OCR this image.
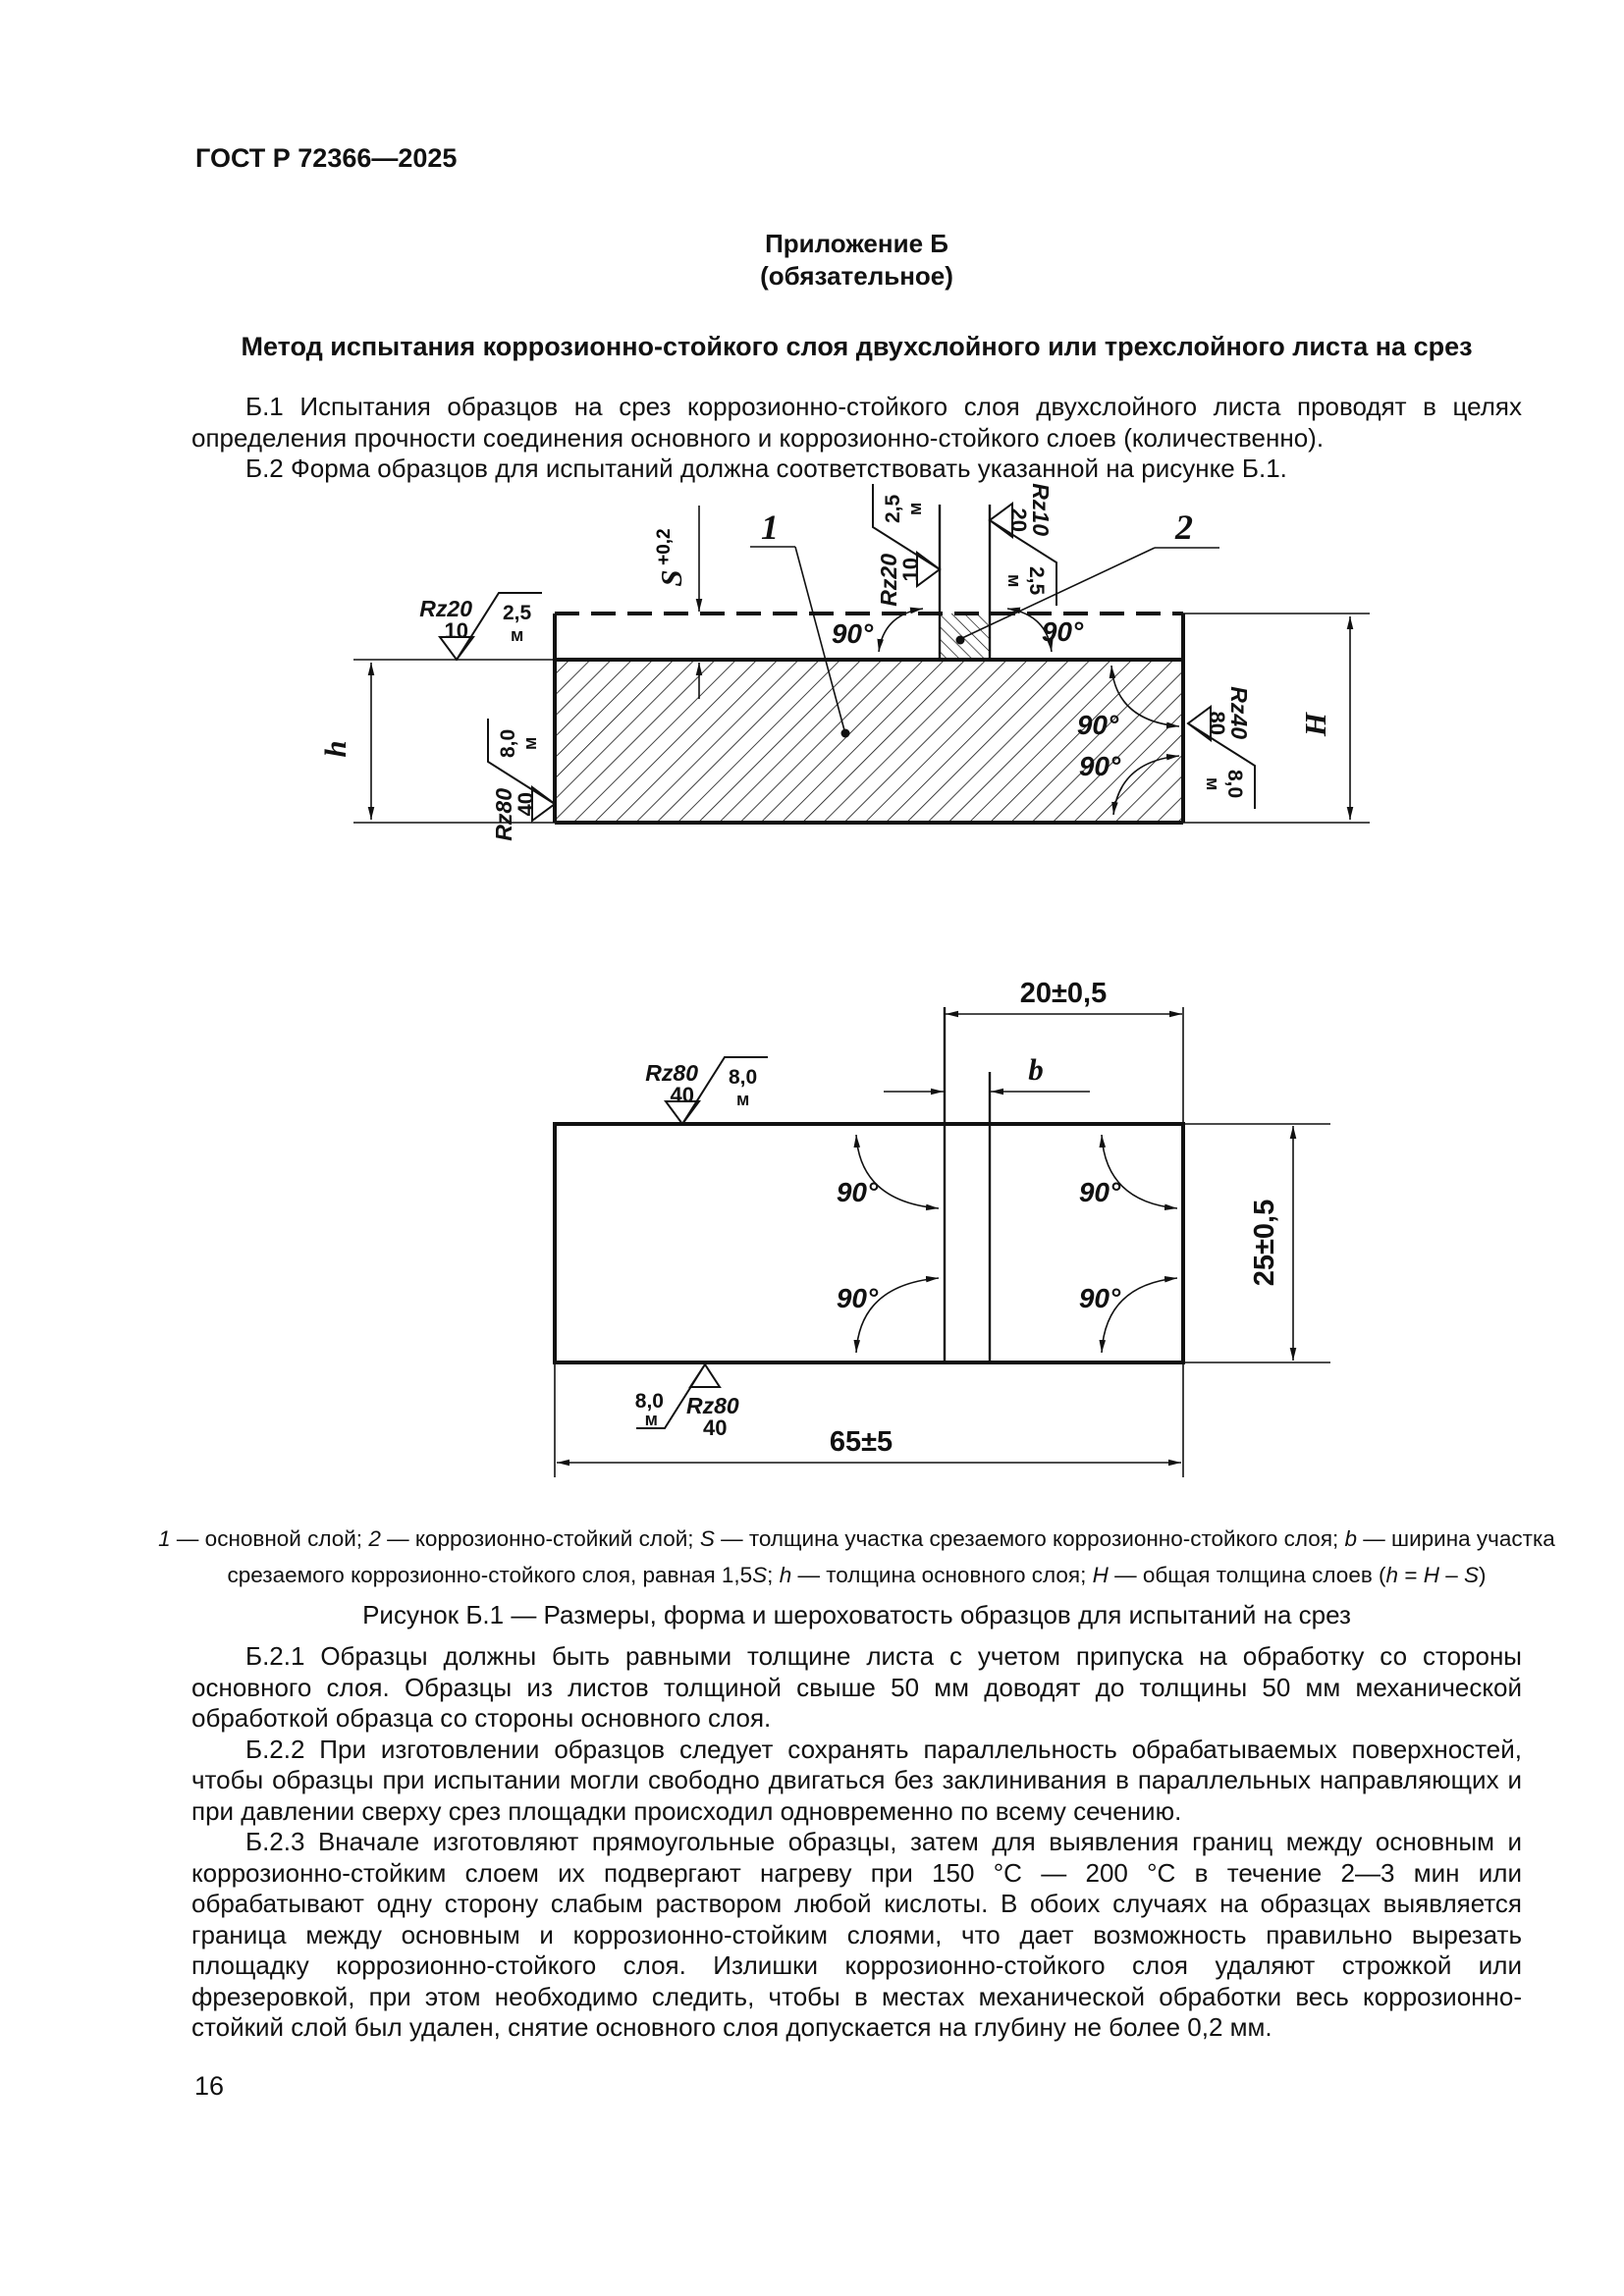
ГОСТ Р 72366—2025
Приложение Б
(обязательное)
Метод испытания коррозионно-стойкого слоя двухслойного или трехслойного листа на срез

Б.1 Испытания образцов на срез коррозионно-стойкого слоя двухслойного листа проводят в целях определения прочности соединения основного и коррозионно-стойкого слоев (количественно).

Б.2 Форма образцов для испытаний должна соответствовать указанной на рисунке Б.1.

h
H
S +0,2
1	2
90°	90°
90°
90°
Rz20
10
2,5
м
Rz80
40
8,0 м
Rz20
10
2,5 м	Rz10
20
2,5
м
Rz40
80
8,0
м
20±0,5
b
25±0,5
65±5
90°	90°
90°	90°
Rz80
40
8,0
м
8,0
м
Rz80
40
1 — основной слой; 2 — коррозионно-стойкий слой; S — толщина участка срезаемого коррозионно-стойкого слоя; b — ширина участка срезаемого коррозионно-стойкого слоя, равная 1,5S; h — толщина основного слоя; H — общая толщина слоев (h = H – S)
Рисунок Б.1 — Размеры, форма и шероховатость образцов для испытаний на срез

Б.2.1 Образцы должны быть равными толщине листа с учетом припуска на обработку со стороны основного слоя. Образцы из листов толщиной свыше 50 мм доводят до толщины 50 мм механической обработкой образца со стороны основного слоя.

Б.2.2 При изготовлении образцов следует сохранять параллельность обрабатываемых поверхностей, чтобы образцы при испытании могли свободно двигаться без заклинивания в параллельных направляющих и при давлении сверху срез площадки происходил одновременно по всему сечению.

Б.2.3 Вначале изготовляют прямоугольные образцы, затем для выявления границ между основным и коррозионно-стойким слоем их подвергают нагреву при 150 °С — 200 °С в течение 2—3 мин или обрабатывают одну сторону слабым раствором любой кислоты. В обоих случаях на образцах выявляется граница между основным и коррозионно-стойким слоями, что дает возможность правильно вырезать площадку коррозионно-стойкого слоя. Излишки коррозионно-стойкого слоя удаляют строжкой или фрезеровкой, при этом необходимо следить, чтобы в местах механической обработки весь коррозионно-стойкий слой был удален, снятие основного слоя допускается на глубину не более 0,2 мм.

16
